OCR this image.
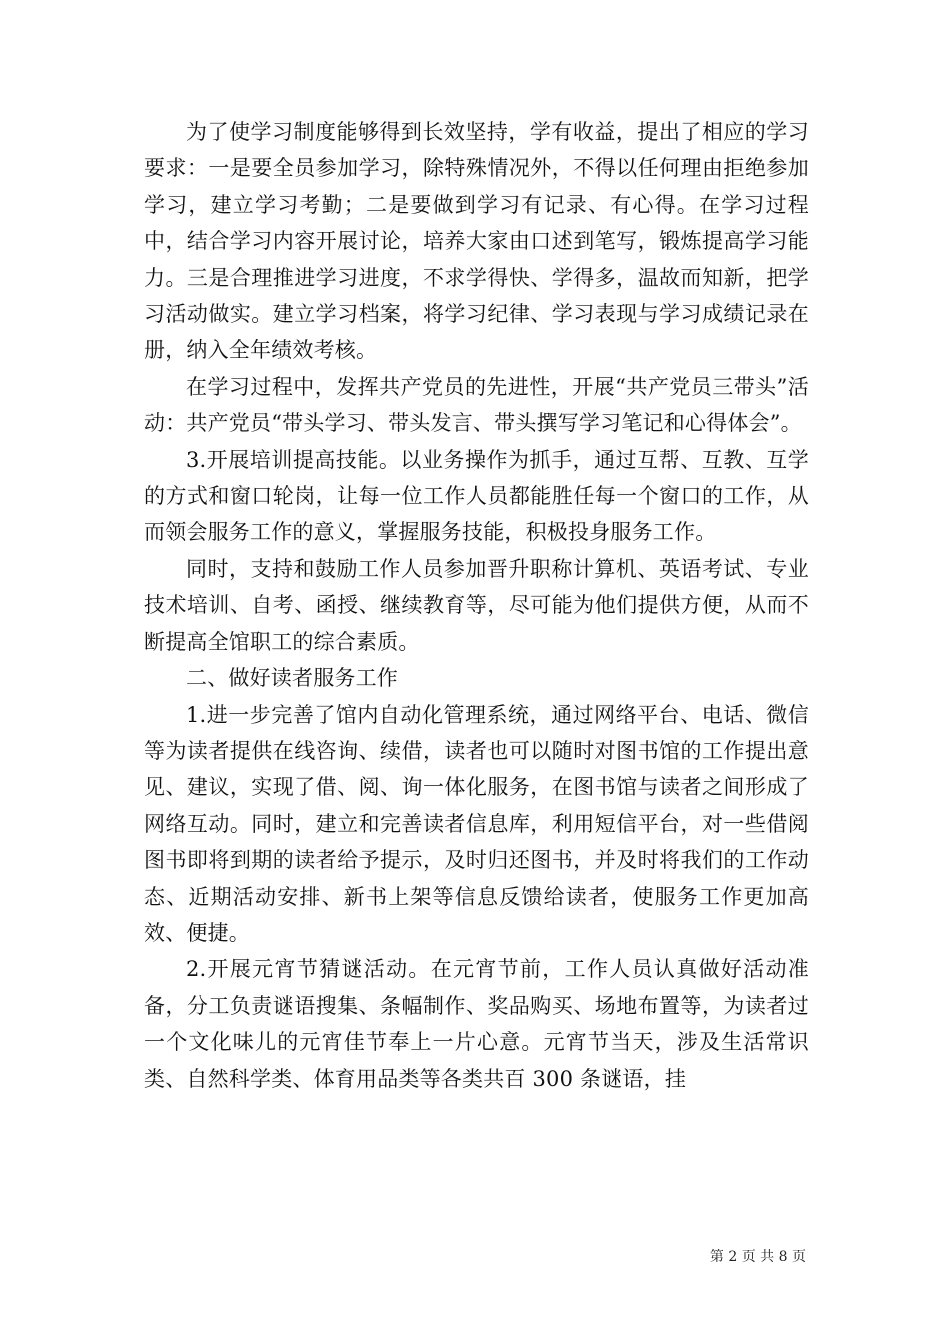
为了使学习制度能够得到长效坚持，学有收益，提出了相应的学习要求：一是要全员参加学习，除特殊情况外，不得以任何理由拒绝参加学习，建立学习考勤；二是要做到学习有记录、有心得。在学习过程中，结合学习内容开展讨论，培养大家由口述到笔写，锻炼提高学习能力。三是合理推进学习进度，不求学得快、学得多，温故而知新，把学习活动做实。建立学习档案，将学习纪律、学习表现与学习成绩记录在册，纳入全年绩效考核。

在学习过程中，发挥共产党员的先进性，开展“共产党员三带头”活动：共产党员“带头学习、带头发言、带头撰写学习笔记和心得体会”。

3.开展培训提高技能。以业务操作为抓手，通过互帮、互教、互学的方式和窗口轮岗，让每一位工作人员都能胜任每一个窗口的工作，从而领会服务工作的意义，掌握服务技能，积极投身服务工作。

同时，支持和鼓励工作人员参加晋升职称计算机、英语考试、专业技术培训、自考、函授、继续教育等，尽可能为他们提供方便，从而不断提高全馆职工的综合素质。

二、做好读者服务工作

1.进一步完善了馆内自动化管理系统，通过网络平台、电话、微信等为读者提供在线咨询、续借，读者也可以随时对图书馆的工作提出意见、建议，实现了借、阅、询一体化服务，在图书馆与读者之间形成了网络互动。同时，建立和完善读者信息库，利用短信平台，对一些借阅图书即将到期的读者给予提示，及时归还图书，并及时将我们的工作动态、近期活动安排、新书上架等信息反馈给读者，使服务工作更加高效、便捷。

2.开展元宵节猜谜活动。在元宵节前，工作人员认真做好活动准备，分工负责谜语搜集、条幅制作、奖品购买、场地布置等，为读者过一个文化味儿的元宵佳节奉上一片心意。元宵节当天，涉及生活常识类、自然科学类、体育用品类等各类共百 300 条谜语，挂

第 2 页 共 8 页
